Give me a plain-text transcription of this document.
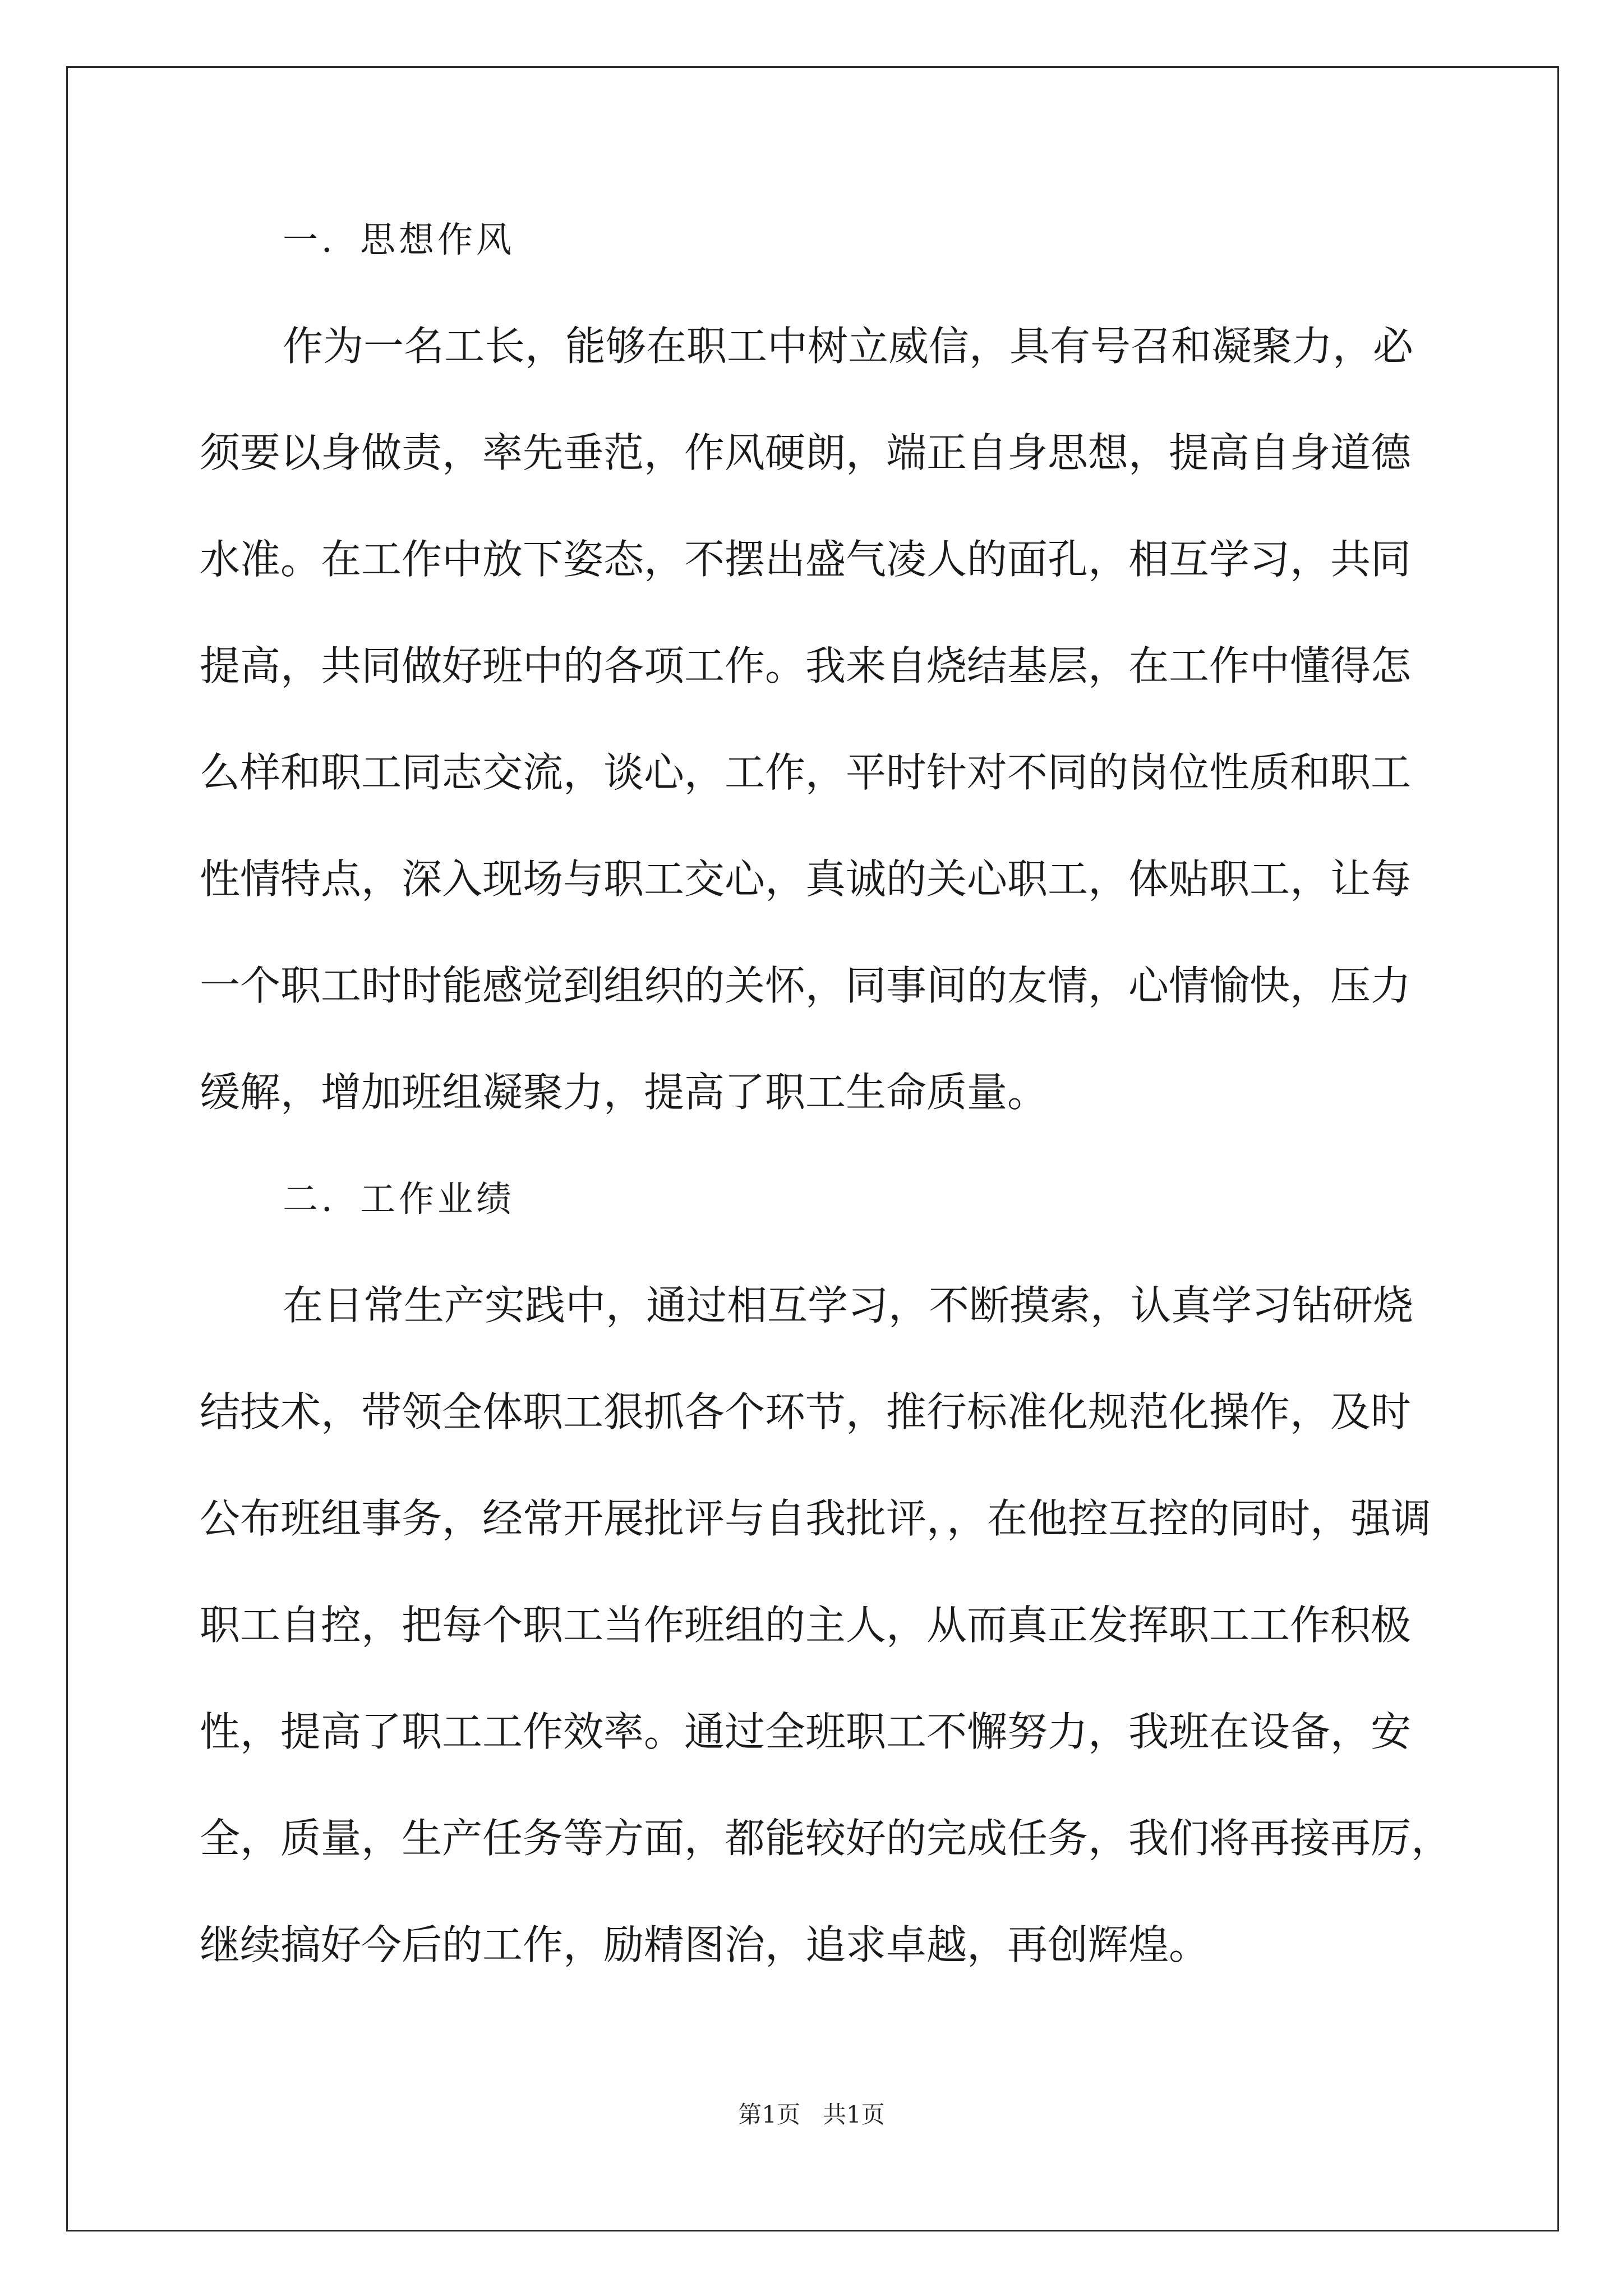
一．思想作风
作为一名工长，能够在职工中树立威信，具有号召和凝聚力，必
须要以身做责，率先垂范，作风硬朗，端正自身思想，提高自身道德
水准。在工作中放下姿态，不摆出盛气凌人的面孔，相互学习，共同
提高，共同做好班中的各项工作。我来自烧结基层，在工作中懂得怎
么样和职工同志交流，谈心，工作，平时针对不同的岗位性质和职工
性情特点，深入现场与职工交心，真诚的关心职工，体贴职工，让每
一个职工时时能感觉到组织的关怀，同事间的友情，心情愉快，压力
缓解，增加班组凝聚力，提高了职工生命质量。
二．工作业绩
在日常生产实践中，通过相互学习，不断摸索，认真学习钻研烧
结技术，带领全体职工狠抓各个环节，推行标准化规范化操作，及时
公布班组事务，经常开展批评与自我批评，，在他控互控的同时，强调
职工自控，把每个职工当作班组的主人，从而真正发挥职工工作积极
性，提高了职工工作效率。通过全班职工不懈努力，我班在设备，安
全，质量，生产任务等方面，都能较好的完成任务，我们将再接再厉，
继续搞好今后的工作，励精图治，追求卓越，再创辉煌。
第1页   共1页
